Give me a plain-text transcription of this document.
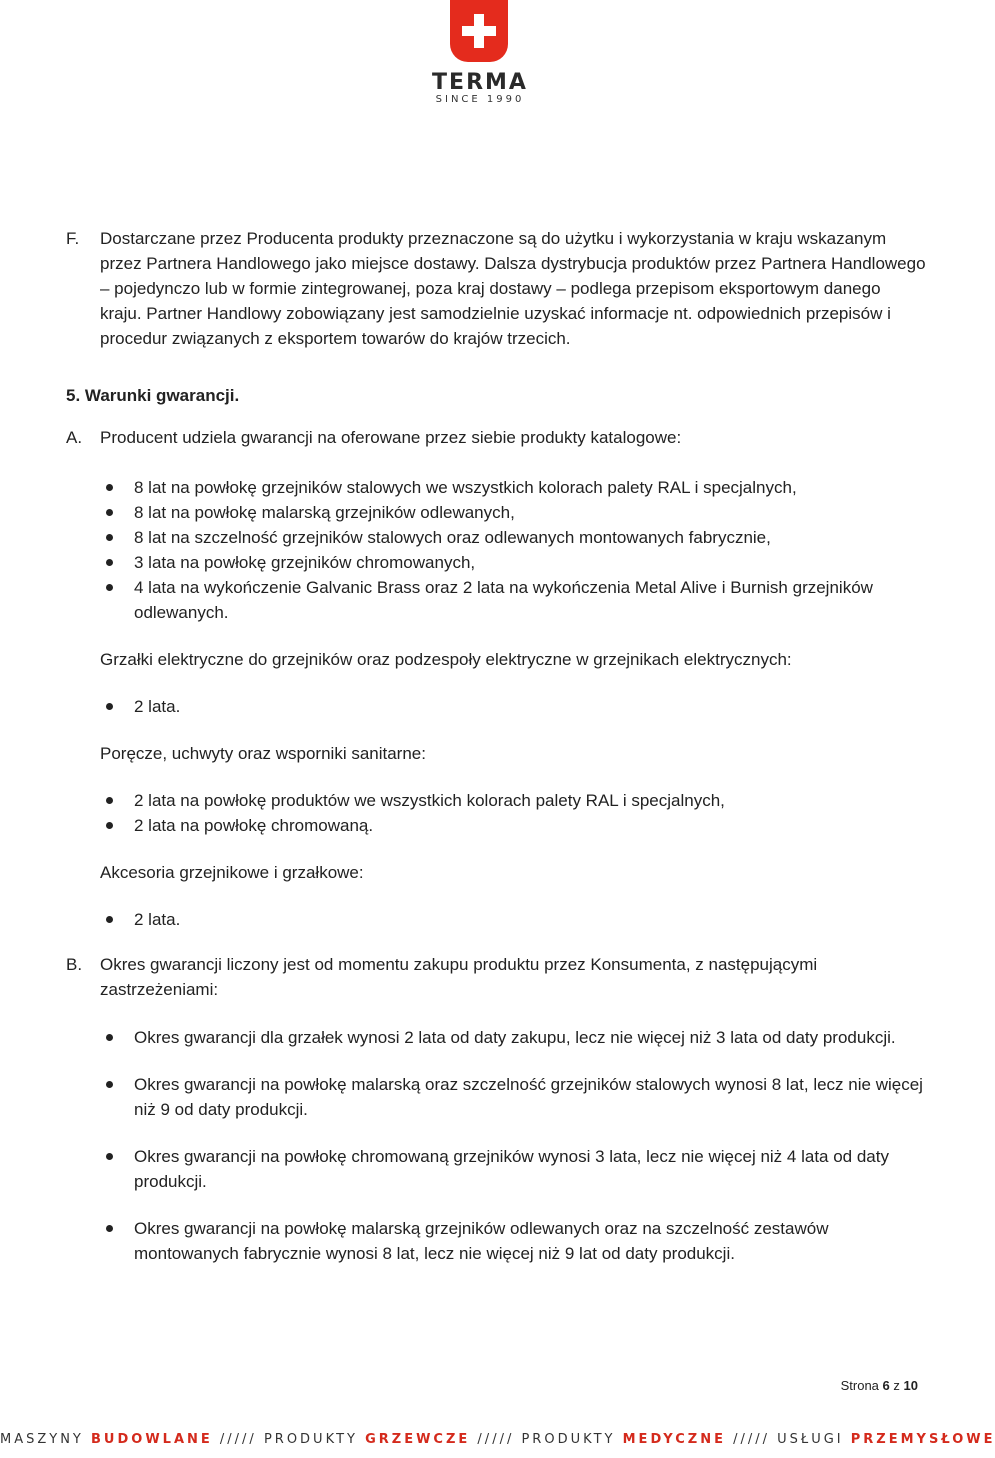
TERMA
SINCE 1990

F. Dostarczane przez Producenta produkty przeznaczone są do użytku i wykorzystania w kraju wskazanym przez Partnera Handlowego jako miejsce dostawy. Dalsza dystrybucja produktów przez Partnera Handlowego – pojedynczo lub w formie zintegrowanej, poza kraj dostawy – podlega przepisom eksportowym danego kraju. Partner Handlowy zobowiązany jest samodzielnie uzyskać informacje nt. odpowiednich przepisów i procedur związanych z eksportem towarów do krajów trzecich.

5. Warunki gwarancji.

A. Producent udziela gwarancji na oferowane przez siebie produkty katalogowe:

8 lat na powłokę grzejników stalowych we wszystkich kolorach palety RAL i specjalnych,
8 lat na powłokę malarską grzejników odlewanych,
8 lat na szczelność grzejników stalowych oraz odlewanych montowanych fabrycznie,
3 lata na powłokę grzejników chromowanych,
4 lata na wykończenie Galvanic Brass oraz 2 lata na wykończenia Metal Alive i Burnish grzejników odlewanych.

Grzałki elektryczne do grzejników oraz podzespoły elektryczne w grzejnikach elektrycznych:

2 lata.

Poręcze, uchwyty oraz wsporniki sanitarne:

2 lata na powłokę produktów we wszystkich kolorach palety RAL i specjalnych,
2 lata na powłokę chromowaną.

Akcesoria grzejnikowe i grzałkowe:

2 lata.

B. Okres gwarancji liczony jest od momentu zakupu produktu przez Konsumenta, z następującymi zastrzeżeniami:

Okres gwarancji dla grzałek wynosi 2 lata od daty zakupu, lecz nie więcej niż 3 lata od daty produkcji.
Okres gwarancji na powłokę malarską oraz szczelność grzejników stalowych wynosi 8 lat, lecz nie więcej niż 9 od daty produkcji.
Okres gwarancji na powłokę chromowaną grzejników wynosi 3 lata, lecz nie więcej niż 4 lata od daty produkcji.
Okres gwarancji na powłokę malarską grzejników odlewanych oraz na szczelność zestawów montowanych fabrycznie wynosi 8 lat, lecz nie więcej niż 9 lat od daty produkcji.
Strona 6 z 10
MASZYNY BUDOWLANE ///// PRODUKTY GRZEWCZE ///// PRODUKTY MEDYCZNE ///// USŁUGI PRZEMYSŁOWE
